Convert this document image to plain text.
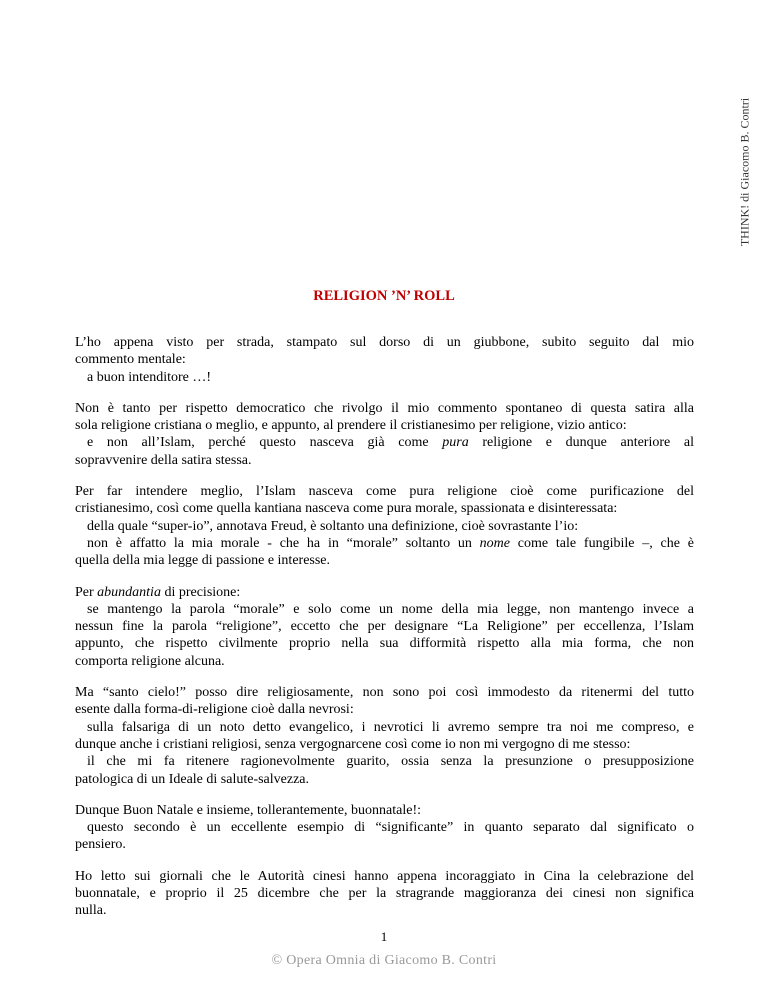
THINK! di Giacomo B. Contri
RELIGION ’N’ ROLL
L’ho appena visto per strada, stampato sul dorso di un giubbone, subito seguito dal mio
commento mentale:
a buon intenditore …!
Non è tanto per rispetto democratico che rivolgo il mio commento spontaneo di questa satira alla
sola religione cristiana o meglio, e appunto, al prendere il cristianesimo per religione, vizio antico:
e non all’Islam, perché questo nasceva già come pura religione e dunque anteriore al
sopravvenire della satira stessa.
Per far intendere meglio, l’Islam nasceva come pura religione cioè come purificazione del
cristianesimo, così come quella kantiana nasceva come pura morale, spassionata e disinteressata:
della quale “super-io”, annotava Freud, è soltanto una definizione, cioè sovrastante l’io:
non è affatto la mia morale - che ha in “morale” soltanto un nome come tale fungibile –, che è
quella della mia legge di passione e interesse.
Per abundantia di precisione:
se mantengo la parola “morale” e solo come un nome della mia legge, non mantengo invece a
nessun fine la parola “religione”, eccetto che per designare “La Religione” per eccellenza, l’Islam
appunto, che rispetto civilmente proprio nella sua difformità rispetto alla mia forma, che non
comporta religione alcuna.
Ma “santo cielo!” posso dire religiosamente, non sono poi così immodesto da ritenermi del tutto
esente dalla forma-di-religione cioè dalla nevrosi:
sulla falsariga di un noto detto evangelico, i nevrotici li avremo sempre tra noi me compreso, e
dunque anche i cristiani religiosi, senza vergognarcene così come io non mi vergogno di me stesso:
il che mi fa ritenere ragionevolmente guarito, ossia senza la presunzione o presupposizione
patologica di un Ideale di salute-salvezza.
Dunque Buon Natale e insieme, tollerantemente, buonnatale!:
questo secondo è un eccellente esempio di “significante” in quanto separato dal significato o
pensiero.
Ho letto sui giornali che le Autorità cinesi hanno appena incoraggiato in Cina la celebrazione del
buonnatale, e proprio il 25 dicembre che per la stragrande maggioranza dei cinesi non significa
nulla.
1
© Opera Omnia di Giacomo B. Contri
